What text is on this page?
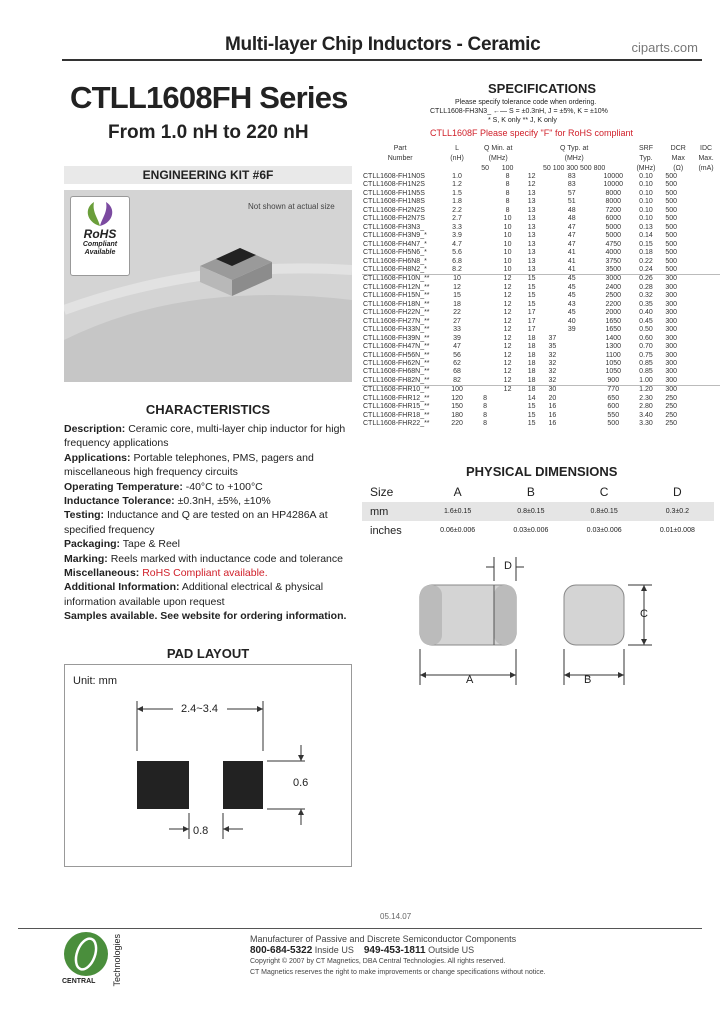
Multi-layer Chip Inductors - Ceramic	ciparts.com
CTLL1608FH Series
From 1.0 nH to 220 nH
ENGINEERING KIT #6F
RoHS
Compliant
Available
Not shown at actual size
CHARACTERISTICS

Description: Ceramic core, multi-layer chip inductor for high frequency applications

Applications: Portable telephones, PMS, pagers and miscellaneous high frequency circuits

Operating Temperature: -40°C to +100°C

Inductance Tolerance: ±0.3nH, ±5%, ±10%

Testing: Inductance and Q are tested on an HP4286A at specified frequency

Packaging: Tape & Reel

Marking: Reels marked with inductance code and tolerance

Miscellaneous: RoHS Compliant available.

Additional Information: Additional electrical & physical information available upon request

Samples available. See website for ordering information.

PAD LAYOUT
Unit: mm
2.4~3.4
0.6
0.8
SPECIFICATIONS
Please specify tolerance code when ordering.
CTLL1608-FH3N3_ ←— S = ±0.3nH, J = ±5%, K = ±10%
* S, K only ** J, K only
CTLL1608F Please specify "F" for RoHS compliant
Part	L	Q Min. at		Q Typ. at					SRF	DCR	IDC
Number	(nH)	(MHz)		(MHz)					Typ.	Max	Max.
		50	100	50 100 300 500 800					(MHz)	(Ω)	(mA)
CTLL1608-FH1N0S	1.0		8	12		83		10000	0.10	500	
CTLL1608-FH1N2S	1.2		8	12		83		10000	0.10	500	
CTLL1608-FH1N5S	1.5		8	13		57		8000	0.10	500	
CTLL1608-FH1N8S	1.8		8	13		51		8000	0.10	500	
CTLL1608-FH2N2S	2.2		8	13		48		7200	0.10	500	
CTLL1608-FH2N7S	2.7		10	13		48		6000	0.10	500	
CTLL1608-FH3N3_	3.3		10	13		47		5000	0.13	500	
CTLL1608-FH3N9_*	3.9		10	13		47		5000	0.14	500	
CTLL1608-FH4N7_*	4.7		10	13		47		4750	0.15	500	
CTLL1608-FH5N6_*	5.6		10	13		41		4000	0.18	500	
CTLL1608-FH6N8_*	6.8		10	13		41		3750	0.22	500	
CTLL1608-FH8N2_*	8.2		10	13		41		3500	0.24	500	
CTLL1608-FH10N_**	10		12	15		45		3000	0.26	300	
CTLL1608-FH12N_**	12		12	15		45		2400	0.28	300	
CTLL1608-FH15N_**	15		12	15		45		2500	0.32	300	
CTLL1608-FH18N_**	18		12	15		43		2200	0.35	300	
CTLL1608-FH22N_**	22		12	17		45		2000	0.40	300	
CTLL1608-FH27N_**	27		12	17		40		1650	0.45	300	
CTLL1608-FH33N_**	33		12	17		39		1650	0.50	300	
CTLL1608-FH39N_**	39		12	18	37			1400	0.60	300	
CTLL1608-FH47N_**	47		12	18	35			1300	0.70	300	
CTLL1608-FH56N_**	56		12	18	32			1100	0.75	300	
CTLL1608-FH62N_**	62		12	18	32			1050	0.85	300	
CTLL1608-FH68N_**	68		12	18	32			1050	0.85	300	
CTLL1608-FH82N_**	82		12	18	32			900	1.00	300	
CTLL1608-FHR10_**	100		12	18	30			770	1.20	300	
CTLL1608-FHR12_**	120	8		14	20			650	2.30	250	
CTLL1608-FHR15_**	150	8		15	16			600	2.80	250	
CTLL1608-FHR18_**	180	8		15	16			550	3.40	250	
CTLL1608-FHR22_**	220	8		15	16			500	3.30	250	
PHYSICAL DIMENSIONS
Size	A	B	C	D
mm	1.6±0.15	0.8±0.15	0.8±0.15	0.3±0.2
inches	0.06±0.006	0.03±0.006	0.03±0.006	0.01±0.008
D
A	B
C
05.14.07
CENTRAL Technologies	Manufacturer of Passive and Discrete Semiconductor Components
800-684-5322 Inside US 949-453-1811 Outside US
Copyright © 2007 by CT Magnetics, DBA Central Technologies. All rights reserved.
CT Magnetics reserves the right to make improvements or change specifications without notice.
